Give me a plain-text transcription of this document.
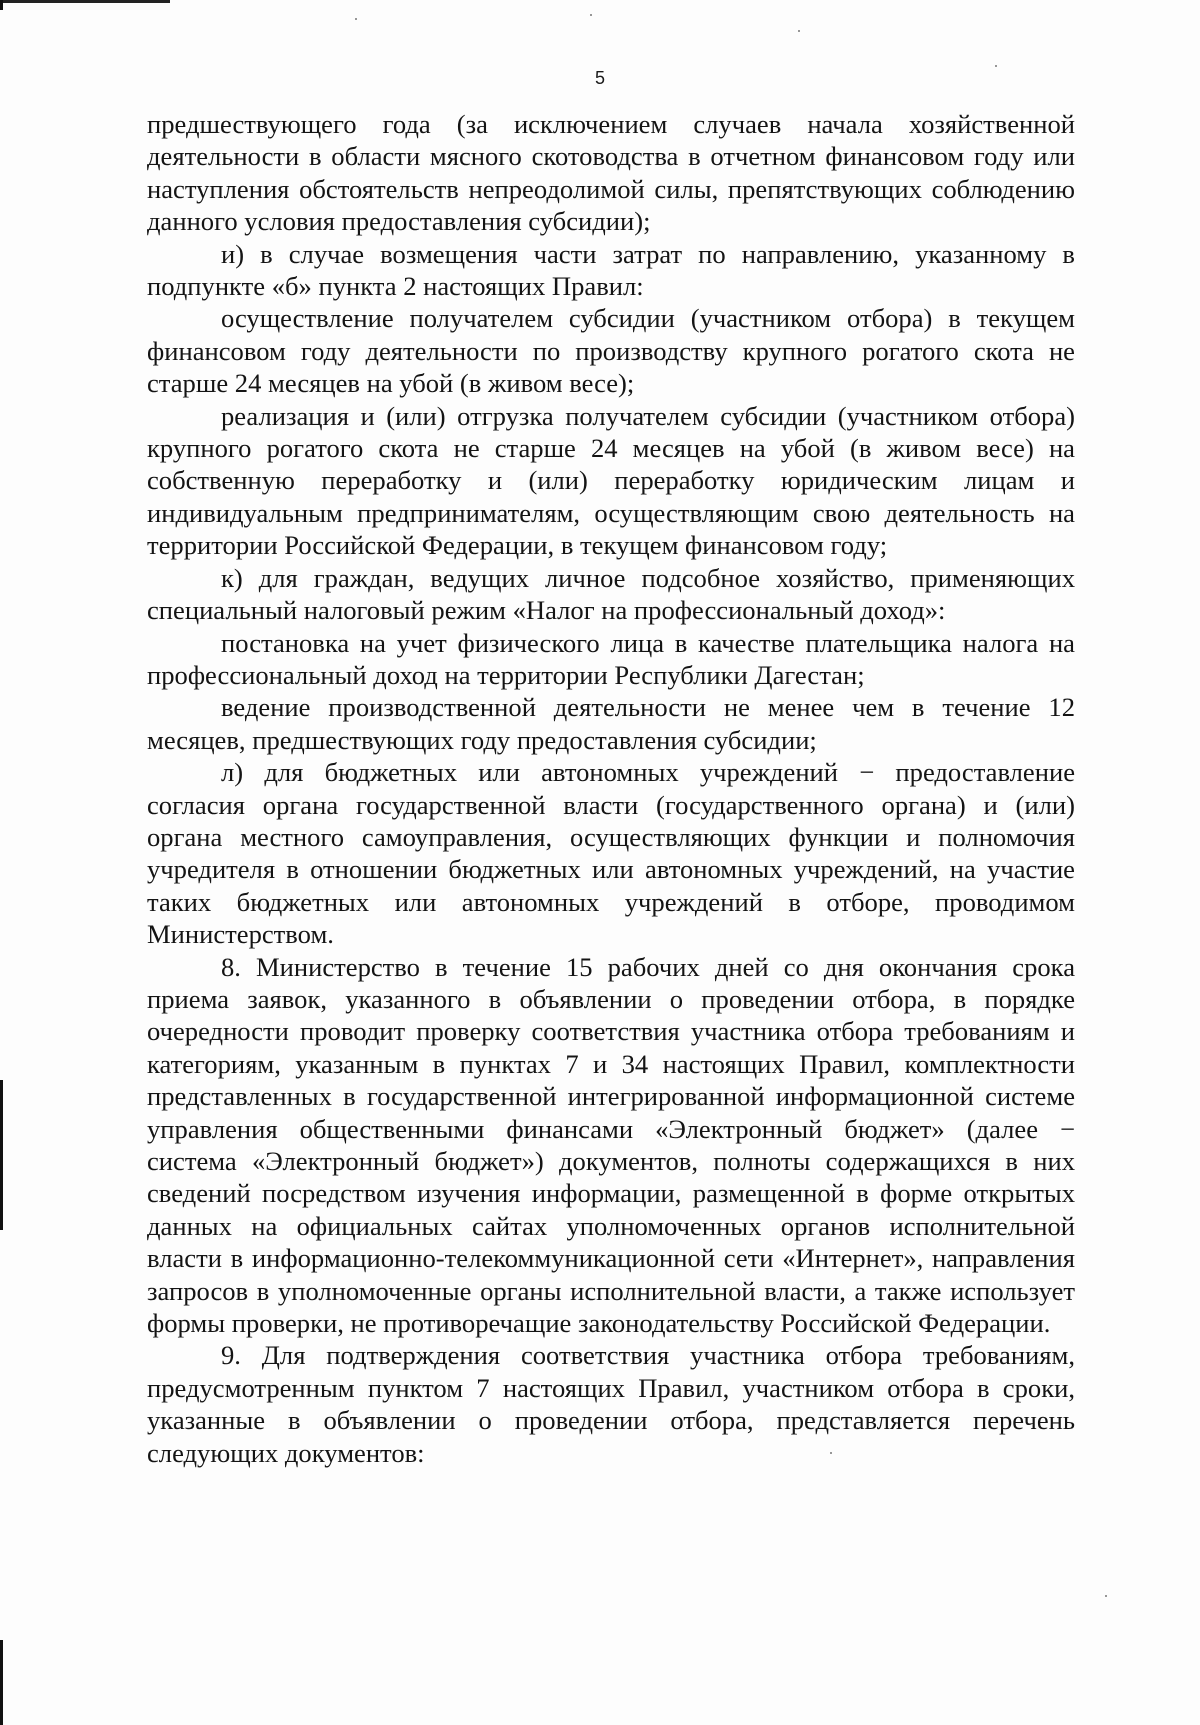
5

предшествующего года (за исключением случаев начала хозяйственной деятельности в области мясного скотоводства в отчетном финансовом году или наступления обстоятельств непреодолимой силы, препятствующих соблюдению данного условия предоставления субсидии);

и) в случае возмещения части затрат по направлению, указанному в подпункте «б» пункта 2 настоящих Правил:

осуществление получателем субсидии (участником отбора) в текущем финансовом году деятельности по производству крупного рогатого скота не старше 24 месяцев на убой (в живом весе);

реализация и (или) отгрузка получателем субсидии (участником отбора) крупного рогатого скота не старше 24 месяцев на убой (в живом весе) на собственную переработку и (или) переработку юридическим лицам и индивидуальным предпринимателям, осуществляющим свою деятельность на территории Российской Федерации, в текущем финансовом году;

к) для граждан, ведущих личное подсобное хозяйство, применяющих специальный налоговый режим «Налог на профессиональный доход»:

постановка на учет физического лица в качестве плательщика налога на профессиональный доход на территории Республики Дагестан;

ведение производственной деятельности не менее чем в течение 12 месяцев, предшествующих году предоставления субсидии;

л) для бюджетных или автономных учреждений − предоставление согласия органа государственной власти (государственного органа) и (или) органа местного самоуправления, осуществляющих функции и полномочия учредителя в отношении бюджетных или автономных учреждений, на участие таких бюджетных или автономных учреждений в отборе, проводимом Министерством.

8. Министерство в течение 15 рабочих дней со дня окончания срока приема заявок, указанного в объявлении о проведении отбора, в порядке очередности проводит проверку соответствия участника отбора требованиям и категориям, указанным в пунктах 7 и 34 настоящих Правил, комплектности представленных в государственной интегрированной информационной системе управления общественными финансами «Электронный бюджет» (далее − система «Электронный бюджет») документов, полноты содержащихся в них сведений посредством изучения информации, размещенной в форме открытых данных на официальных сайтах уполномоченных органов исполнительной власти в информационно-телекоммуникационной сети «Интернет», направления запросов в уполномоченные органы исполнительной власти, а также использует формы проверки, не противоречащие законодательству Российской Федерации.

9. Для подтверждения соответствия участника отбора требованиям, предусмотренным пунктом 7 настоящих Правил, участником отбора в сроки, указанные в объявлении о проведении отбора, представляется перечень следующих документов:
